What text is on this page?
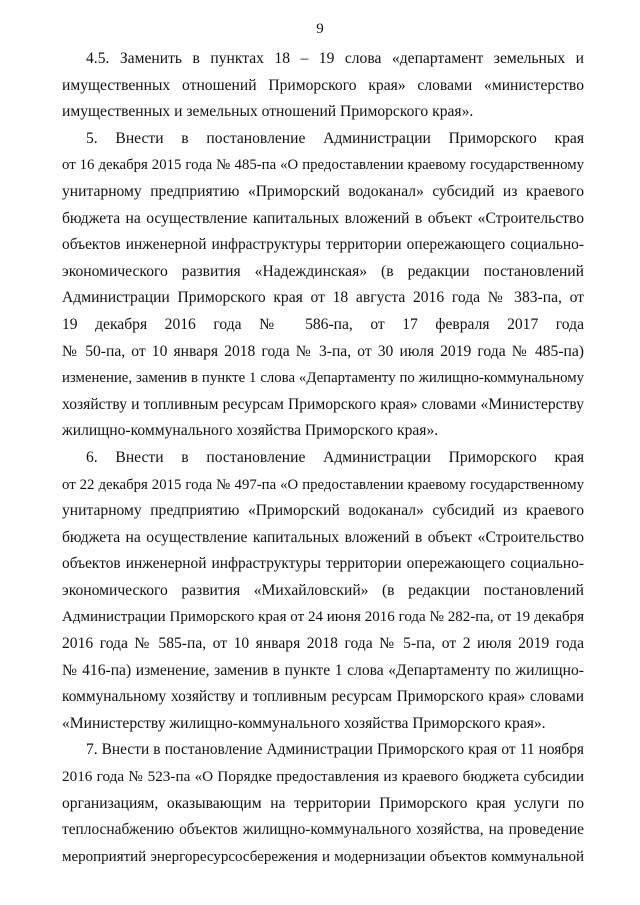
9
4.5. Заменить в пунктах 18 – 19 слова «департамент земельных и
имущественных отношений Приморского края» словами «министерство
имущественных и земельных отношений Приморского края».
5. Внести в постановление Администрации Приморского края
от 16 декабря 2015 года № 485-па «О предоставлении краевому государственному
унитарному предприятию «Приморский водоканал» субсидий из краевого
бюджета на осуществление капитальных вложений в объект «Строительство
объектов инженерной инфраструктуры территории опережающего социально-
экономического развития «Надеждинская» (в редакции постановлений
Администрации Приморского края от 18 августа 2016 года № 383-па, от
19 декабря 2016 года № 586-па, от 17 февраля 2017 года
№ 50-па, от 10 января 2018 года № 3-па, от 30 июля 2019 года № 485-па)
изменение, заменив в пункте 1 слова «Департаменту по жилищно-коммунальному
хозяйству и топливным ресурсам Приморского края» словами «Министерству
жилищно-коммунального хозяйства Приморского края».
6. Внести в постановление Администрации Приморского края
от 22 декабря 2015 года № 497-па «О предоставлении краевому государственному
унитарному предприятию «Приморский водоканал» субсидий из краевого
бюджета на осуществление капитальных вложений в объект «Строительство
объектов инженерной инфраструктуры территории опережающего социально-
экономического развития «Михайловский» (в редакции постановлений
Администрации Приморского края от 24 июня 2016 года № 282-па, от 19 декабря
2016 года № 585-па, от 10 января 2018 года № 5-па, от 2 июля 2019 года
№ 416-па) изменение, заменив в пункте 1 слова «Департаменту по жилищно-
коммунальному хозяйству и топливным ресурсам Приморского края» словами
«Министерству жилищно-коммунального хозяйства Приморского края».
7. Внести в постановление Администрации Приморского края от 11 ноября
2016 года № 523-па «О Порядке предоставления из краевого бюджета субсидии
организациям, оказывающим на территории Приморского края услуги по
теплоснабжению объектов жилищно-коммунального хозяйства, на проведение
мероприятий энергоресурсосбережения и модернизации объектов коммунальной
